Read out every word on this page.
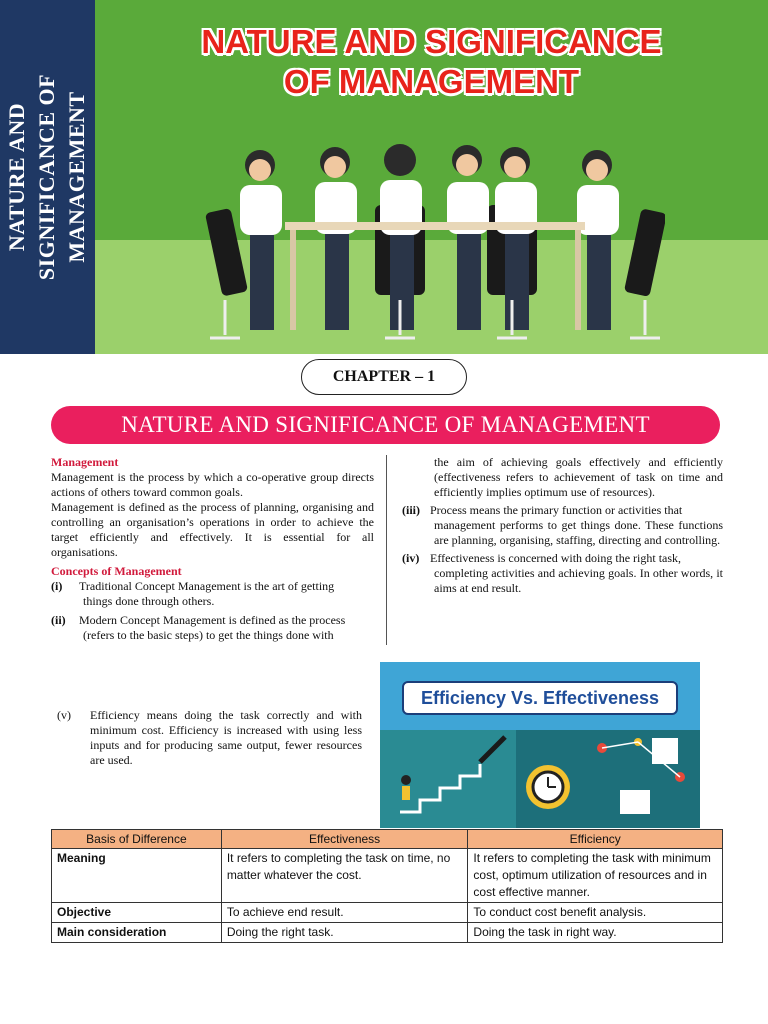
NATURE AND SIGNIFICANCE OF MANAGEMENT
NATURE AND SIGNIFICANCE
OF MANAGEMENT
CHAPTER – 1
NATURE AND SIGNIFICANCE OF MANAGEMENT
Management

Management is the process by which a co-operative group directs actions of others toward common goals.

Management is defined as the process of planning, organising and controlling an organisation’s operations in order to achieve the target efficiently and effectively. It is essential for all organisations.

Concepts of Management
(i)	Traditional Concept Management is the art of getting

things done through others.

(ii)	Modern Concept Management is defined as the process

(refers to the basic steps) to get the things done with

the aim of achieving goals effectively and efficiently (effectiveness refers to achievement of task on time and efficiently implies optimum use of resources).

(iii) Process means the primary function or activities that

management performs to get things done. These functions are planning, organising, staffing, directing and controlling.

(iv) Effectiveness is concerned with doing the right task,

completing activities and achieving goals. In other words, it aims at end result.

(v)	Efficiency means doing the task correctly and with minimum cost. Efficiency is increased with using less inputs and for producing same output, fewer resources are used.
Efficiency Vs. Effectiveness
Basis of Difference	Effectiveness	Efficiency
Meaning	It refers to completing the task on time, no matter whatever the cost.	It refers to completing the task with minimum cost, optimum utilization of resources and in cost effective manner.
Objective	To achieve end result.	To conduct cost benefit analysis.
Main consideration	Doing the right task.	Doing the task in right way.
